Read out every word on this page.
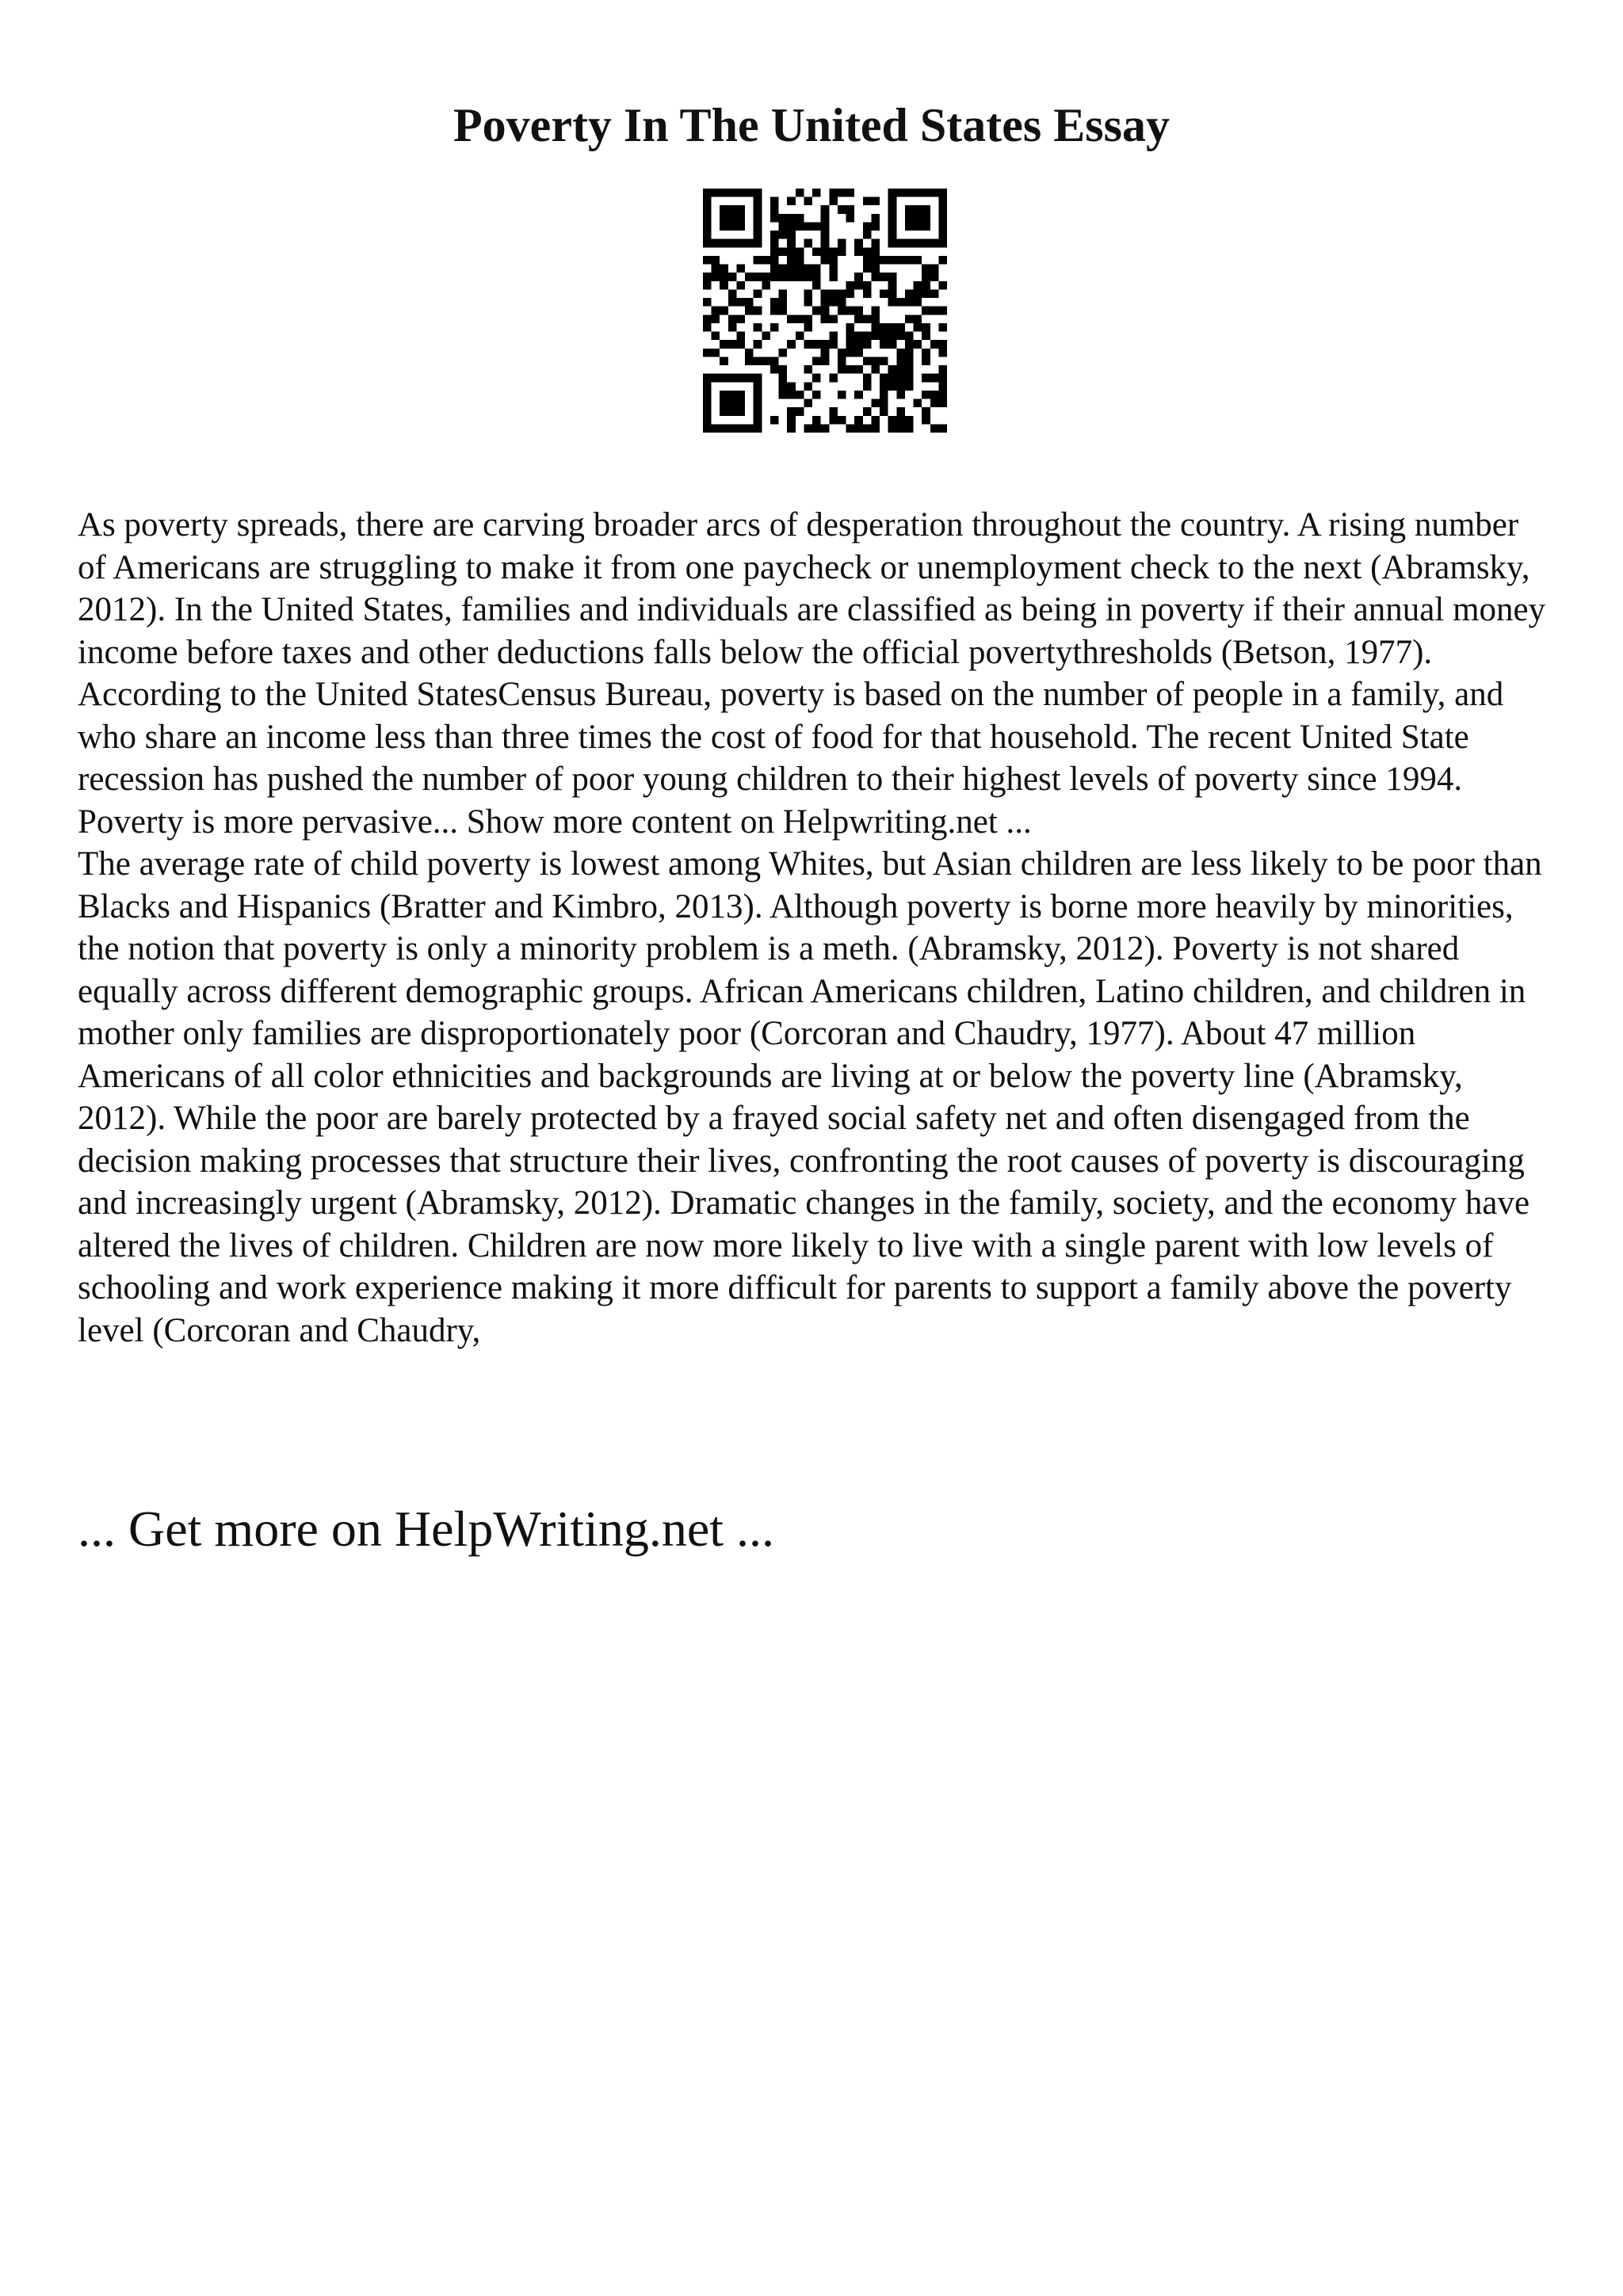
Poverty In The United States Essay

As poverty spreads, there are carving broader arcs of desperation throughout the country. A rising number of Americans are struggling to make it from one paycheck or unemployment check to the next (Abramsky, 2012). In the United States, families and individuals are classified as being in poverty if their annual money income before taxes and other deductions falls below the official povertythresholds (Betson, 1977). According to the United StatesCensus Bureau, poverty is based on the number of people in a family, and who share an income less than three times the cost of food for that household. The recent United State recession has pushed the number of poor young children to their highest levels of poverty since 1994. Poverty is more pervasive... Show more content on Helpwriting.net ...

The average rate of child poverty is lowest among Whites, but Asian children are less likely to be poor than Blacks and Hispanics (Bratter and Kimbro, 2013). Although poverty is borne more heavily by minorities, the notion that poverty is only a minority problem is a meth. (Abramsky, 2012). Poverty is not shared equally across different demographic groups. African Americans children, Latino children, and children in mother only families are disproportionately poor (Corcoran and Chaudry, 1977). About 47 million Americans of all color ethnicities and backgrounds are living at or below the poverty line (Abramsky, 2012). While the poor are barely protected by a frayed social safety net and often disengaged from the decision making processes that structure their lives, confronting the root causes of poverty is discouraging and increasingly urgent (Abramsky, 2012). Dramatic changes in the family, society, and the economy have altered the lives of children. Children are now more likely to live with a single parent with low levels of schooling and work experience making it more difficult for parents to support a family above the poverty level (Corcoran and Chaudry,

... Get more on HelpWriting.net ...
